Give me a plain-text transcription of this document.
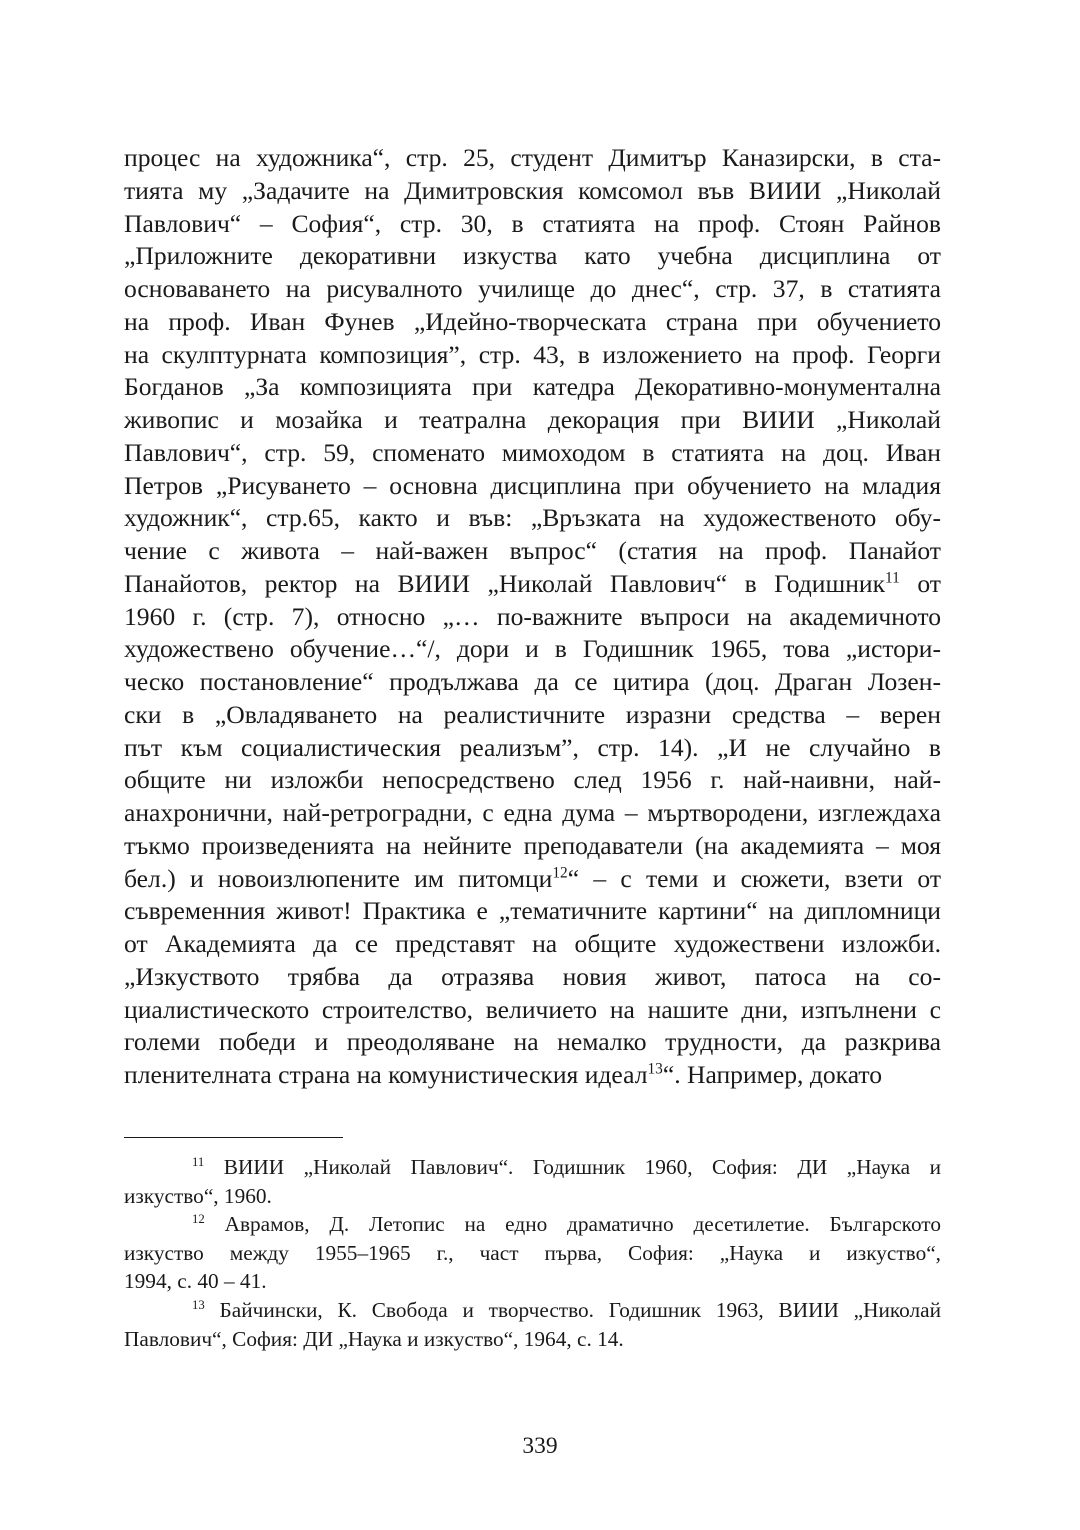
процес на художника“, стр. 25, студент Димитър Каназирски, в ста-
тията му „Задачите на Димитровския комсомол във ВИИИ „Николай
Павлович“ – София“, стр. 30, в статията на проф. Стоян Райнов
„Приложните декоративни изкуства като учебна дисциплина от
основаването на рисувалното училище до днес“, стр. 37, в статията
на проф. Иван Фунев „Идейно-творческата страна при обучението
на скулптурната композиция”, стр. 43, в изложението на проф. Георги
Богданов „За композицията при катедра Декоративно-монументална
живопис и мозайка и театрална декорация при ВИИИ „Николай
Павлович“, стр. 59, споменато мимоходом в статията на доц. Иван
Петров „Рисуването – основна дисциплина при обучението на младия
художник“, стр.65, както и във: „Връзката на художественото обу-
чение с живота – най-важен въпрос“ (статия на проф. Панайот
Панайотов, ректор на ВИИИ „Николай Павлович“ в Годишник$^{11}$ от
1960 г. (стр. 7), относно „… по-важните въпроси на академичното
художествено обучение…“/, дори и в Годишник 1965, това „истори-
ческо постановление“ продължава да се цитира (доц. Драган Лозен-
ски в „Овладяването на реалистичните изразни средства – верен
път към социалистическия реализъм”, стр. 14). „И не случайно в
общите ни изложби непосредствено след 1956 г. най-наивни, най-
анахронични, най-ретроградни, с една дума – мъртвородени, изглеждаха
тъкмо произведенията на нейните преподаватели (на академията – моя
бел.) и новоизлюпените им питомци$^{12}$“ – с теми и сюжети, взети от
съвременния живот! Практика е „тематичните картини“ на дипломници
от Академията да се представят на общите художествени изложби.
„Изкуството трябва да отразява новия живот, патоса на со-
циалистическото строителство, величието на нашите дни, изпълнени с
големи победи и преодоляване на немалко трудности, да разкрива
пленителната страна на комунистическия идеал$^{13}$“. Например, докато
$^{11}$ ВИИИ „Николай Павлович“. Годишник 1960, София: ДИ „Наука и
изкуство“, 1960.
$^{12}$ Аврамов, Д. Летопис на едно драматично десетилетие. Българското
изкуство между 1955–1965 г., част първа, София: „Наука и изкуство“,
1994, с. 40 – 41.
$^{13}$ Байчински, К. Свобода и творчество. Годишник 1963, ВИИИ „Николай
Павлович“, София: ДИ „Наука и изкуство“, 1964, с. 14.
339
